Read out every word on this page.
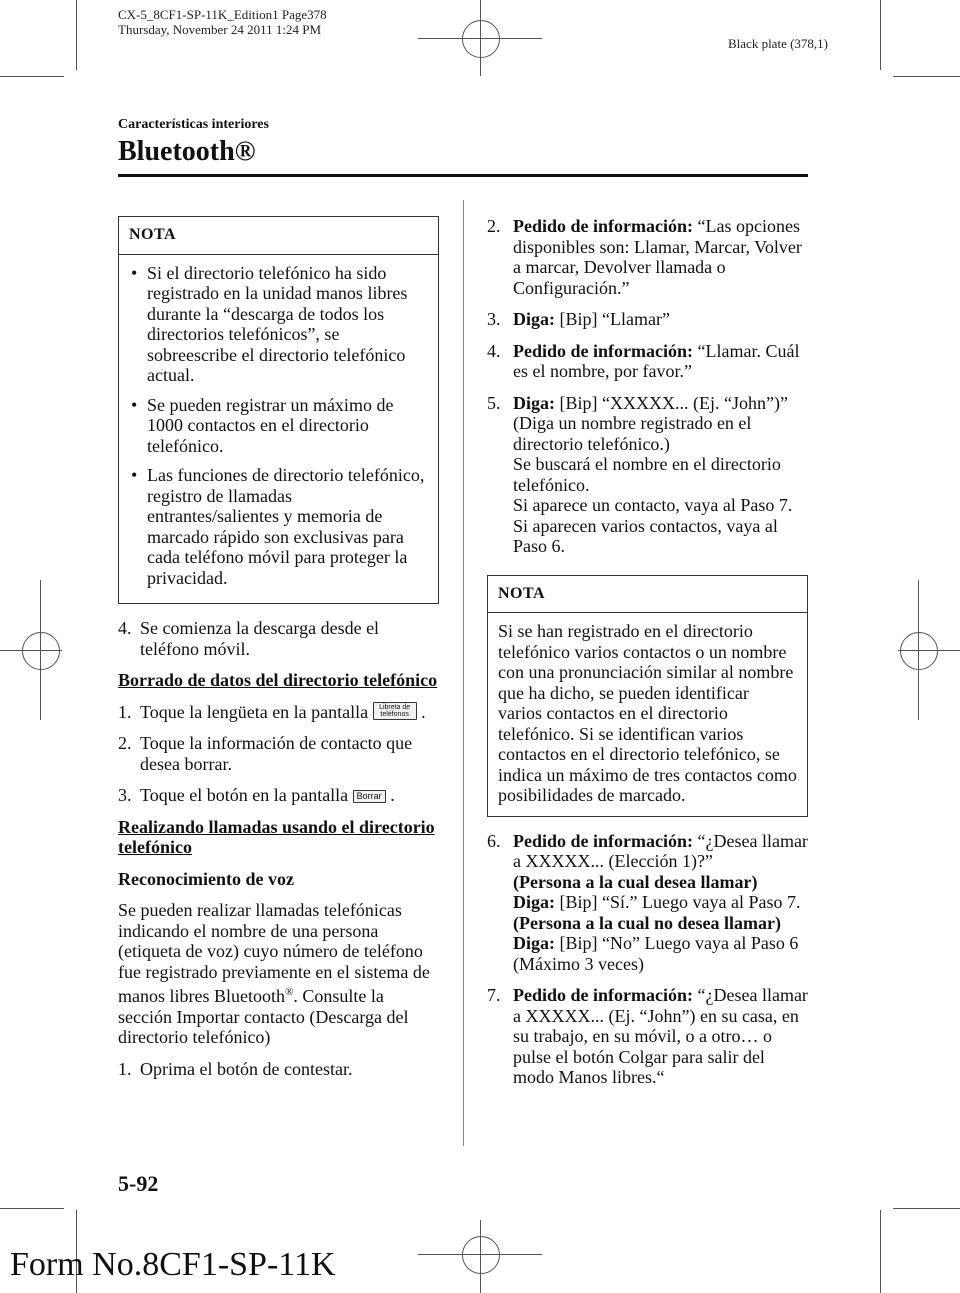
CX-5_8CF1-SP-11K_Edition1 Page378
Thursday, November 24 2011 1:24 PM
Black plate (378,1)
Características interiores
Bluetooth®
NOTA
• Si el directorio telefónico ha sido registrado en la unidad manos libres durante la “descarga de todos los directorios telefónicos”, se sobreescribe el directorio telefónico actual.
• Se pueden registrar un máximo de 1000 contactos en el directorio telefónico.
• Las funciones de directorio telefónico, registro de llamadas entrantes/salientes y memoria de marcado rápido son exclusivas para cada teléfono móvil para proteger la privacidad.
4. Se comienza la descarga desde el teléfono móvil.

Borrado de datos del directorio telefónico

1. Toque la lengüeta en la pantalla Libreta de teléfonos .
2. Toque la información de contacto que desea borrar.
3. Toque el botón en la pantalla Borrar .

Realizando llamadas usando el directorio telefónico

Reconocimiento de voz

Se pueden realizar llamadas telefónicas indicando el nombre de una persona (etiqueta de voz) cuyo número de teléfono fue registrado previamente en el sistema de manos libres Bluetooth®. Consulte la sección Importar contacto (Descarga del directorio telefónico)

1. Oprima el botón de contestar.
2. Pedido de información: “Las opciones disponibles son: Llamar, Marcar, Volver a marcar, Devolver llamada o Configuración.”
3. Diga: [Bip] “Llamar”
4. Pedido de información: “Llamar. Cuál es el nombre, por favor.”
5. Diga: [Bip] “XXXXX... (Ej. “John”)”
(Diga un nombre registrado en el directorio telefónico.)
Se buscará el nombre en el directorio telefónico.
Si aparece un contacto, vaya al Paso 7.
Si aparecen varios contactos, vaya al Paso 6.
NOTA
Si se han registrado en el directorio telefónico varios contactos o un nombre con una pronunciación similar al nombre que ha dicho, se pueden identificar varios contactos en el directorio telefónico. Si se identifican varios contactos en el directorio telefónico, se indica un máximo de tres contactos como posibilidades de marcado.
6. Pedido de información: “¿Desea llamar a XXXXX... (Elección 1)?”
(Persona a la cual desea llamar)
Diga: [Bip] “Sí.” Luego vaya al Paso 7.
(Persona a la cual no desea llamar)
Diga: [Bip] “No” Luego vaya al Paso 6 (Máximo 3 veces)
7. Pedido de información: “¿Desea llamar a XXXXX... (Ej. “John”) en su casa, en su trabajo, en su móvil, o a otro… o pulse el botón Colgar para salir del modo Manos libres.“
5-92
Form No.8CF1-SP-11K
